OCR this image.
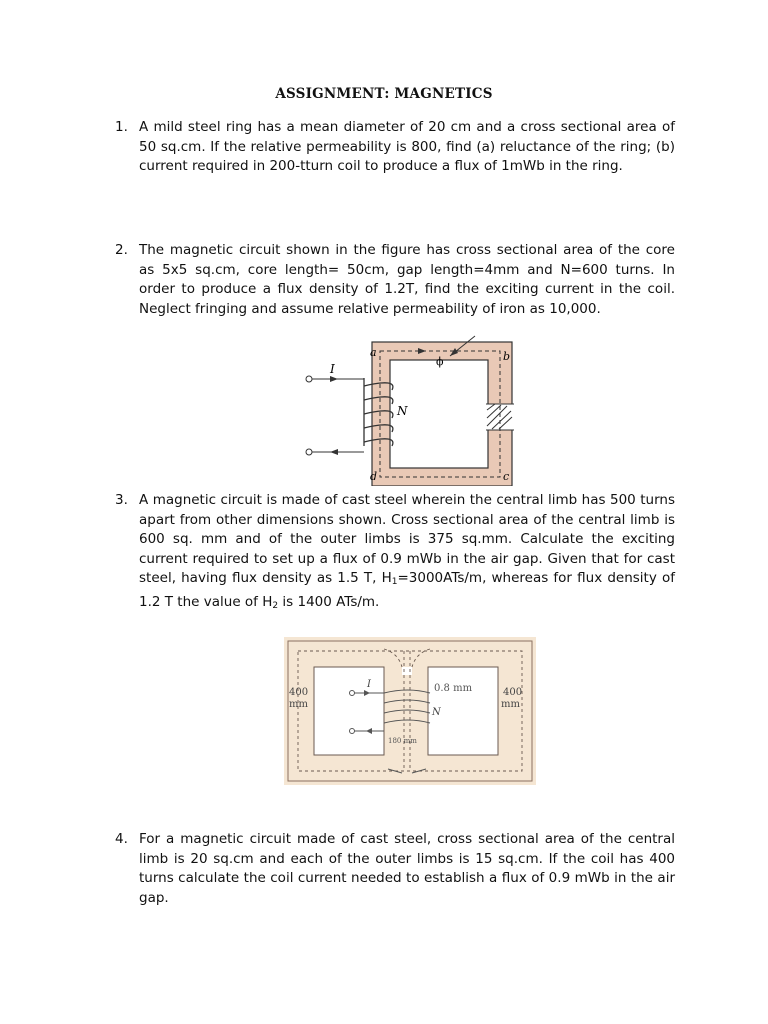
ASSIGNMENT: MAGNETICS
1. A mild steel ring has a mean diameter of 20 cm and a cross sectional area of 50 sq.cm. If the relative permeability is 800, find (a) reluctance of the ring; (b) current required in 200-tturn coil to produce a flux of 1mWb in the ring.
2. The magnetic circuit shown in the figure has cross sectional area of the core as 5x5 sq.cm, core length= 50cm, gap length=4mm and N=600 turns. In order to produce a flux density of 1.2T, find the exciting current in the coil. Neglect fringing and assume relative permeability of iron as 10,000.
a	b
c
d
ϕ
I
N
3. A magnetic circuit is made of cast steel wherein the central limb has 500 turns apart from other dimensions shown. Cross sectional area of the central limb is 600 sq. mm and of the outer limbs is 375 sq.mm. Calculate the exciting current required to set up a flux of 0.9 mWb in the air gap. Given that for cast steel, having flux density as 1.5 T, $H_1=3000ATs/m$, whereas for flux density of 1.2 T the value of $H_2$ is 1400 ATs/m.
400
mm
400
mm
0.8 mm
180 mm
I
N
4. For a magnetic circuit made of cast steel, cross sectional area of the central limb is 20 sq.cm and each of the outer limbs is 15 sq.cm. If the coil has 400 turns calculate the coil current needed to establish a flux of 0.9 mWb in the air gap.
